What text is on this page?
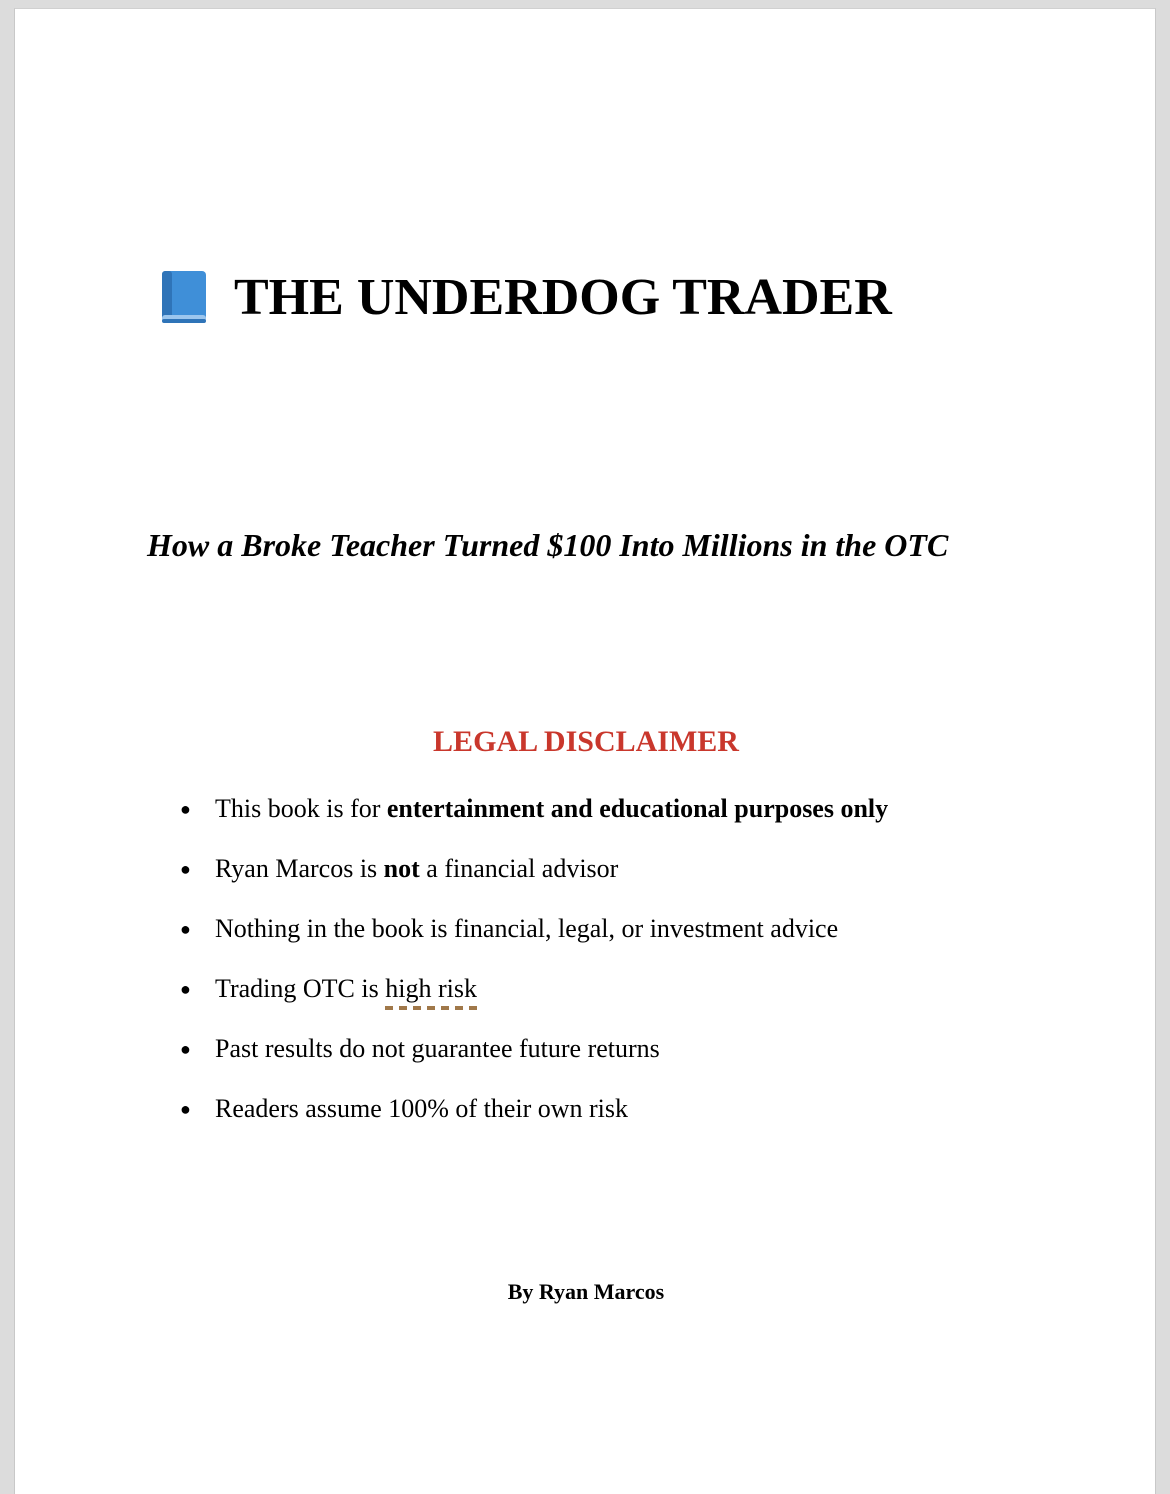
THE UNDERDOG TRADER
How a Broke Teacher Turned $100 Into Millions in the OTC
LEGAL DISCLAIMER
● This book is for entertainment and educational purposes only
● Ryan Marcos is not a financial advisor
● Nothing in the book is financial, legal, or investment advice
● Trading OTC is high risk
● Past results do not guarantee future returns
● Readers assume 100% of their own risk
By Ryan Marcos
